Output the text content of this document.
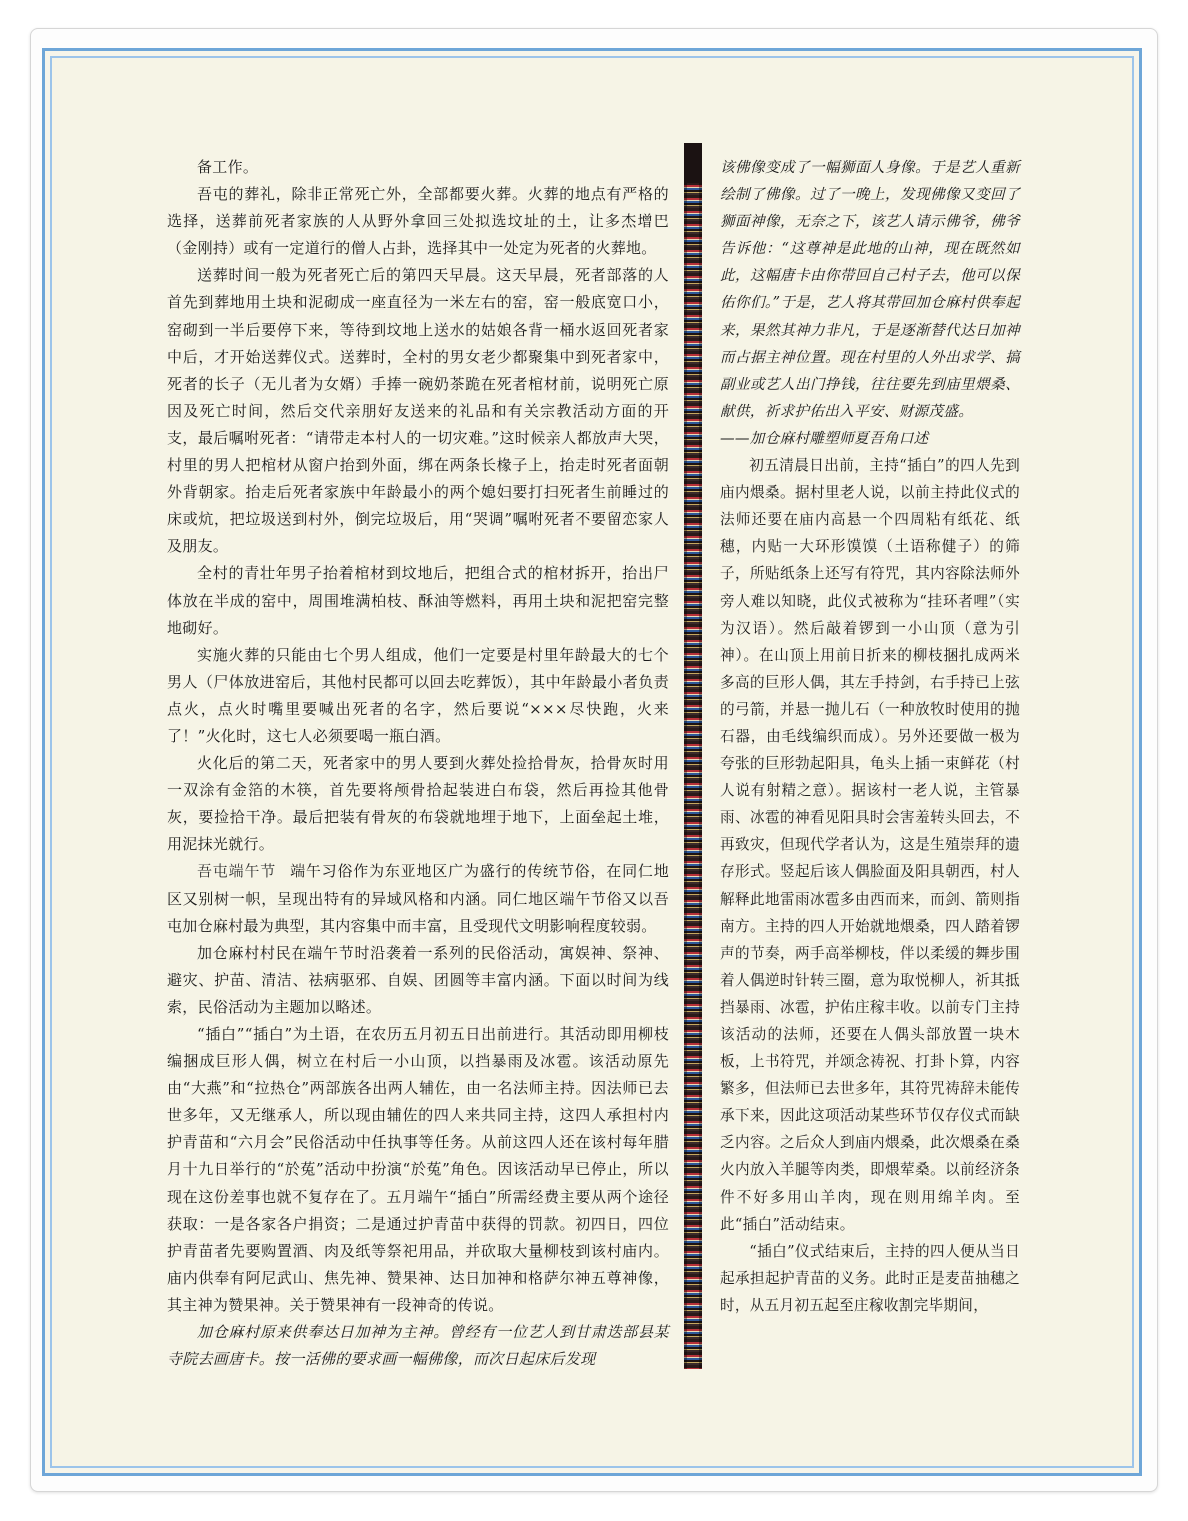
备工作。

吾屯的葬礼，除非正常死亡外，全部都要火葬。火葬的地点有严格的选择，送葬前死者家族的人从野外拿回三处拟选坟址的土，让多杰增巴（金刚持）或有一定道行的僧人占卦，选择其中一处定为死者的火葬地。

送葬时间一般为死者死亡后的第四天早晨。这天早晨，死者部落的人首先到葬地用土块和泥砌成一座直径为一米左右的窑，窑一般底宽口小，窑砌到一半后要停下来，等待到坟地上送水的姑娘各背一桶水返回死者家中后，才开始送葬仪式。送葬时，全村的男女老少都聚集中到死者家中，死者的长子（无儿者为女婿）手捧一碗奶茶跪在死者棺材前，说明死亡原因及死亡时间，然后交代亲朋好友送来的礼品和有关宗教活动方面的开支，最后嘱咐死者：“请带走本村人的一切灾难。”这时候亲人都放声大哭，村里的男人把棺材从窗户抬到外面，绑在两条长椽子上，抬走时死者面朝外背朝家。抬走后死者家族中年龄最小的两个媳妇要打扫死者生前睡过的床或炕，把垃圾送到村外，倒完垃圾后，用“哭调”嘱咐死者不要留恋家人及朋友。

全村的青壮年男子抬着棺材到坟地后，把组合式的棺材拆开，抬出尸体放在半成的窑中，周围堆满柏枝、酥油等燃料，再用土块和泥把窑完整地砌好。

实施火葬的只能由七个男人组成，他们一定要是村里年龄最大的七个男人（尸体放进窑后，其他村民都可以回去吃葬饭），其中年龄最小者负责点火，点火时嘴里要喊出死者的名字，然后要说“×××尽快跑，火来了！”火化时，这七人必须要喝一瓶白酒。

火化后的第二天，死者家中的男人要到火葬处捡拾骨灰，拾骨灰时用一双涂有金箔的木筷，首先要将颅骨拾起装进白布袋，然后再捡其他骨灰，要捡拾干净。最后把装有骨灰的布袋就地埋于地下，上面垒起土堆，用泥抹光就行。

吾屯端午节 端午习俗作为东亚地区广为盛行的传统节俗，在同仁地区又别树一帜，呈现出特有的异域风格和内涵。同仁地区端午节俗又以吾屯加仓麻村最为典型，其内容集中而丰富，且受现代文明影响程度较弱。

加仓麻村村民在端午节时沿袭着一系列的民俗活动，寓娱神、祭神、避灾、护苗、清洁、祛病驱邪、自娱、团圆等丰富内涵。下面以时间为线索，民俗活动为主题加以略述。

“插白”“插白”为土语，在农历五月初五日出前进行。其活动即用柳枝编捆成巨形人偶，树立在村后一小山顶，以挡暴雨及冰雹。该活动原先由“大燕”和“拉热仓”两部族各出两人辅佐，由一名法师主持。因法师已去世多年，又无继承人，所以现由辅佐的四人来共同主持，这四人承担村内护青苗和“六月会”民俗活动中任执事等任务。从前这四人还在该村每年腊月十九日举行的“於菟”活动中扮演“於菟”角色。因该活动早已停止，所以现在这份差事也就不复存在了。五月端午“插白”所需经费主要从两个途径获取：一是各家各户捐资；二是通过护青苗中获得的罚款。初四日，四位护青苗者先要购置酒、肉及纸等祭祀用品，并砍取大量柳枝到该村庙内。庙内供奉有阿尼武山、焦先神、赞果神、达日加神和格萨尔神五尊神像，其主神为赞果神。关于赞果神有一段神奇的传说。

加仓麻村原来供奉达日加神为主神。曾经有一位艺人到甘肃迭部县某寺院去画唐卡。按一活佛的要求画一幅佛像，而次日起床后发现

该佛像变成了一幅狮面人身像。于是艺人重新绘制了佛像。过了一晚上，发现佛像又变回了狮面神像，无奈之下，该艺人请示佛爷，佛爷告诉他：“这尊神是此地的山神，现在既然如此，这幅唐卡由你带回自己村子去，他可以保佑你们。”于是，艺人将其带回加仓麻村供奉起来，果然其神力非凡，于是逐渐替代达日加神而占据主神位置。现在村里的人外出求学、搞副业或艺人出门挣钱，往往要先到庙里煨桑、献供，祈求护佑出入平安、财源茂盛。

——加仓麻村雕塑师夏吾角口述

初五清晨日出前，主持“插白”的四人先到庙内煨桑。据村里老人说，以前主持此仪式的法师还要在庙内高悬一个四周粘有纸花、纸穗，内贴一大环形馍馍（土语称健子）的筛子，所贴纸条上还写有符咒，其内容除法师外旁人难以知晓，此仪式被称为“挂环者哩”（实为汉语）。然后敲着锣到一小山顶（意为引神）。在山顶上用前日折来的柳枝捆扎成两米多高的巨形人偶，其左手持剑，右手持已上弦的弓箭，并悬一抛儿石（一种放牧时使用的抛石器，由毛线编织而成）。另外还要做一极为夸张的巨形勃起阳具，龟头上插一束鲜花（村人说有射精之意）。据该村一老人说，主管暴雨、冰雹的神看见阳具时会害羞转头回去，不再致灾，但现代学者认为，这是生殖崇拜的遗存形式。竖起后该人偶脸面及阳具朝西，村人解释此地雷雨冰雹多由西而来，而剑、箭则指南方。主持的四人开始就地煨桑，四人踏着锣声的节奏，两手高举柳枝，伴以柔缓的舞步围着人偶逆时针转三圈，意为取悦柳人，祈其抵挡暴雨、冰雹，护佑庄稼丰收。以前专门主持该活动的法师，还要在人偶头部放置一块木板，上书符咒，并颂念祷祝、打卦卜算，内容繁多，但法师已去世多年，其符咒祷辞未能传承下来，因此这项活动某些环节仅存仪式而缺乏内容。之后众人到庙内煨桑，此次煨桑在桑火内放入羊腿等肉类，即煨荤桑。以前经济条件不好多用山羊肉，现在则用绵羊肉。至此“插白”活动结束。

“插白”仪式结束后，主持的四人便从当日起承担起护青苗的义务。此时正是麦苗抽穗之时，从五月初五起至庄稼收割完毕期间，
